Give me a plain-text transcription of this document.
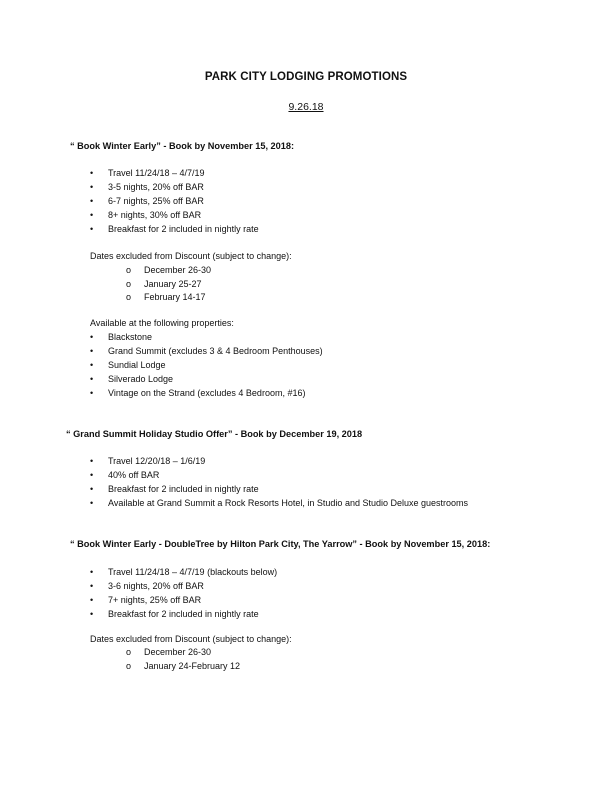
PARK CITY LODGING PROMOTIONS
9.26.18
“ Book Winter Early” - Book by November 15, 2018:
• Travel 11/24/18 – 4/7/19
• 3-5 nights, 20% off BAR
• 6-7 nights, 25% off BAR
• 8+ nights, 30% off BAR
• Breakfast for 2 included in nightly rate
Dates excluded from Discount (subject to change):
o December 26-30
o January 25-27
o February 14-17
Available at the following properties:
• Blackstone
• Grand Summit (excludes 3 & 4 Bedroom Penthouses)
• Sundial Lodge
• Silverado Lodge
• Vintage on the Strand (excludes 4 Bedroom, #16)
“ Grand Summit Holiday Studio Offer” - Book by December 19, 2018
• Travel 12/20/18 – 1/6/19
• 40% off BAR
• Breakfast for 2 included in nightly rate
• Available at Grand Summit a Rock Resorts Hotel, in Studio and Studio Deluxe guestrooms
“ Book Winter Early - DoubleTree by Hilton Park City, The Yarrow” - Book by November 15, 2018:
• Travel 11/24/18 – 4/7/19 (blackouts below)
• 3-6 nights, 20% off BAR
• 7+ nights, 25% off BAR
• Breakfast for 2 included in nightly rate
Dates excluded from Discount (subject to change):
o December 26-30
o January 24-February 12
